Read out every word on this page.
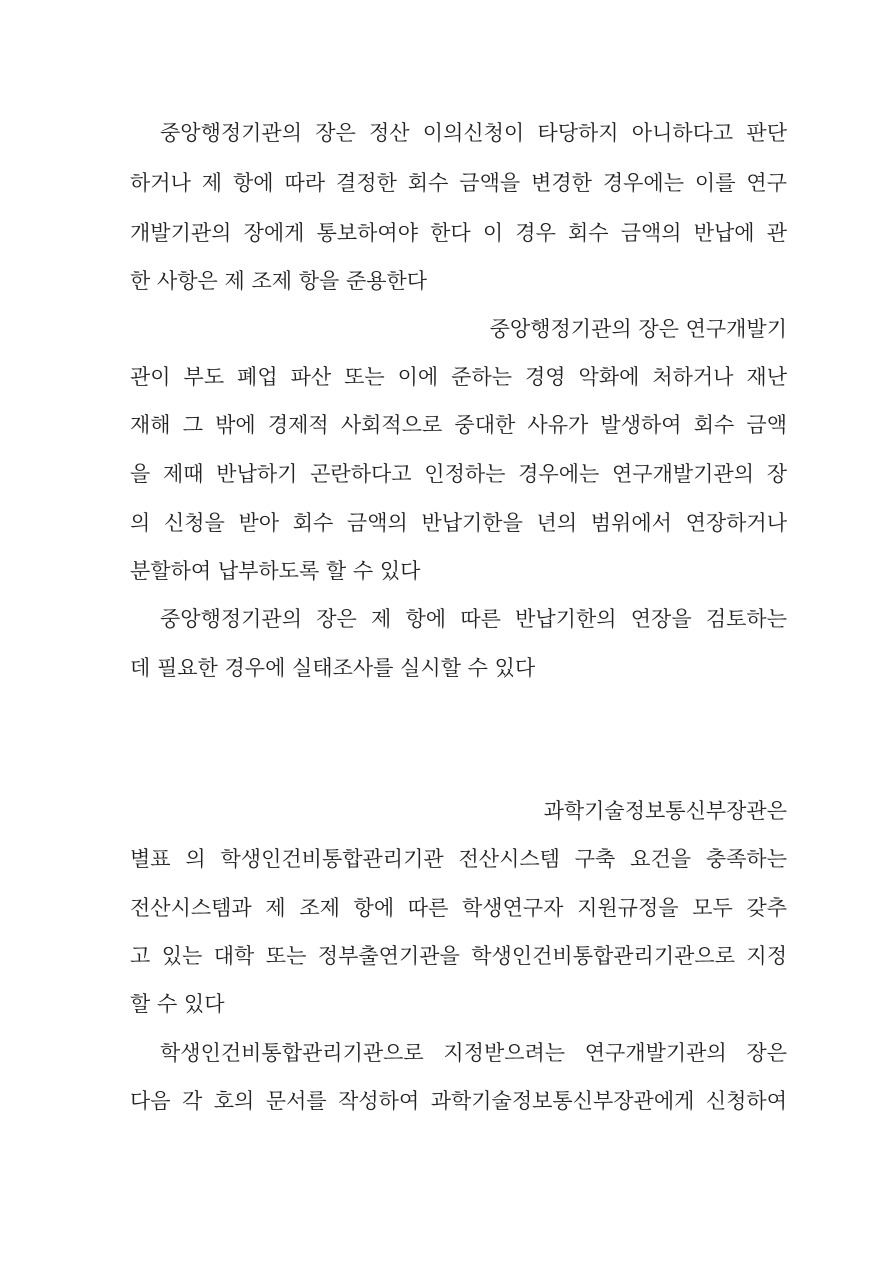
중앙행정기관의 장은 정산 이의신청이 타당하지 아니하다고 판단
하거나 제 항에 따라 결정한 회수 금액을 변경한 경우에는 이를 연구
개발기관의 장에게 통보하여야 한다 이 경우 회수 금액의 반납에 관
한 사항은 제 조제 항을 준용한다
중앙행정기관의 장은 연구개발기
관이 부도 폐업 파산 또는 이에 준하는 경영 악화에 처하거나 재난
재해 그 밖에 경제적 사회적으로 중대한 사유가 발생하여 회수 금액
을 제때 반납하기 곤란하다고 인정하는 경우에는 연구개발기관의 장
의 신청을 받아 회수 금액의 반납기한을 년의 범위에서 연장하거나
분할하여 납부하도록 할 수 있다
중앙행정기관의 장은 제 항에 따른 반납기한의 연장을 검토하는
데 필요한 경우에 실태조사를 실시할 수 있다
과학기술정보통신부장관은
별표 의 학생인건비통합관리기관 전산시스템 구축 요건을 충족하는
전산시스템과 제 조제 항에 따른 학생연구자 지원규정을 모두 갖추
고 있는 대학 또는 정부출연기관을 학생인건비통합관리기관으로 지정
할 수 있다
학생인건비통합관리기관으로 지정받으려는 연구개발기관의 장은
다음 각 호의 문서를 작성하여 과학기술정보통신부장관에게 신청하여
